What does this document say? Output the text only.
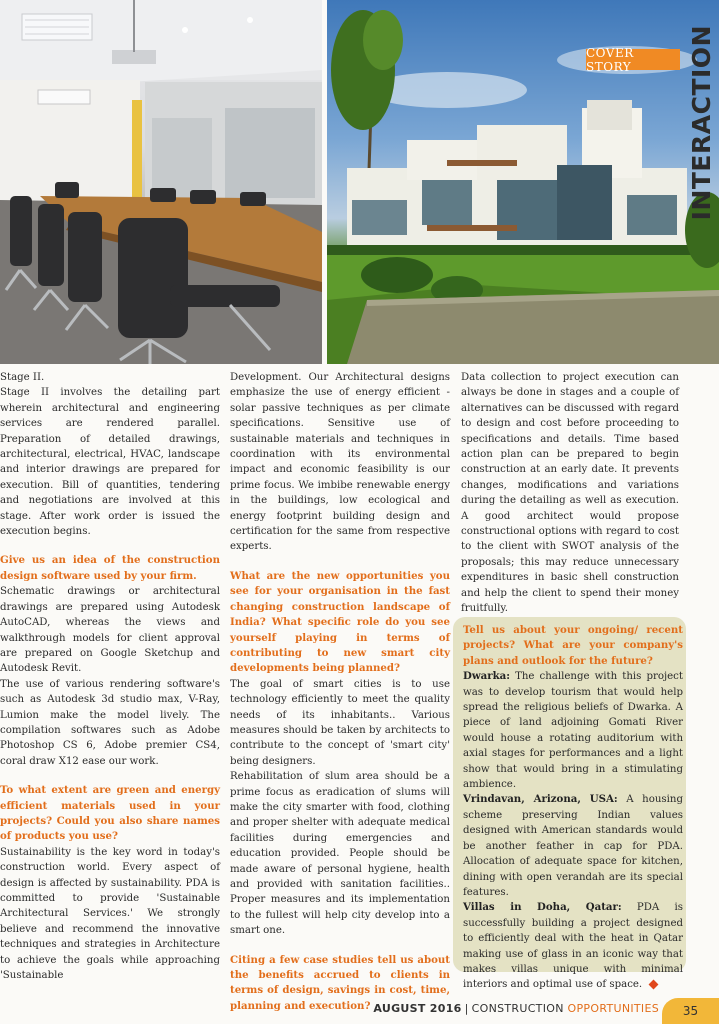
COVER STORY	INTERACTION

Stage II.

Stage II involves the detailing part wherein architectural and engineering services are rendered parallel. Preparation of detailed drawings, architectural, electrical, HVAC, landscape and interior drawings are prepared for execution. Bill of quantities, tendering and negotiations are involved at this stage. After work order is issued the execution begins.

Give us an idea of the construction design software used by your firm.

Schematic drawings or architectural drawings are prepared using Autodesk AutoCAD, whereas the views and walkthrough models for client approval are prepared on Google Sketchup and Autodesk Revit.

The use of various rendering software's such as Autodesk 3d studio max, V-Ray, Lumion make the model lively. The compilation softwares such as Adobe Photoshop CS 6, Adobe premier CS4, coral draw X12 ease our work.

To what extent are green and energy efficient materials used in your projects? Could you also share names of products you use?

Sustainability is the key word in today's construction world. Every aspect of design is affected by sustainability. PDA is committed to provide 'Sustainable Architectural Services.' We strongly believe and recommend the innovative techniques and strategies in Architecture to achieve the goals while approaching 'Sustainable

Development. Our Architectural designs emphasize the use of energy efficient - solar passive techniques as per climate specifications. Sensitive use of sustainable materials and techniques in coordination with its environmental impact and economic feasibility is our prime focus. We imbibe renewable energy in the buildings, low ecological and energy footprint building design and certification for the same from respective experts.

What are the new opportunities you see for your organisation in the fast changing construction landscape of India? What specific role do you see yourself playing in terms of contributing to new smart city developments being planned?

The goal of smart cities is to use technology efficiently to meet the quality needs of its inhabitants.. Various measures should be taken by architects to contribute to the concept of 'smart city' being designers.

Rehabilitation of slum area should be a prime focus as eradication of slums will make the city smarter with food, clothing and proper shelter with adequate medical facilities during emergencies and education provided. People should be made aware of personal hygiene, health and provided with sanitation facilities.. Proper measures and its implementation to the fullest will help city develop into a smart one.

Citing a few case studies tell us about the benefits accrued to clients in terms of design, savings in cost, time, planning and execution?

Data collection to project execution can always be done in stages and a couple of alternatives can be discussed with regard to design and cost before proceeding to specifications and details. Time based action plan can be prepared to begin construction at an early date. It prevents changes, modifications and variations during the detailing as well as execution. A good architect would propose constructional options with regard to cost to the client with SWOT analysis of the proposals; this may reduce unnecessary expenditures in basic shell construction and help the client to spend their money fruitfully.

Tell us about your ongoing/ recent projects? What are your company's plans and outlook for the future?

Dwarka: The challenge with this project was to develop tourism that would help spread the religious beliefs of Dwarka. A piece of land adjoining Gomati River would house a rotating auditorium with axial stages for performances and a light show that would bring in a stimulating ambience.

Vrindavan, Arizona, USA: A housing scheme preserving Indian values designed with American standards would be another feather in cap for PDA. Allocation of adequate space for kitchen, dining with open verandah are its special features.

Villas in Doha, Qatar: PDA is successfully building a project designed to efficiently deal with the heat in Qatar making use of glass in an iconic way that makes villas unique with minimal interiors and optimal use of space.

AUGUST 2016 | CONSTRUCTION OPPORTUNITIES	35
